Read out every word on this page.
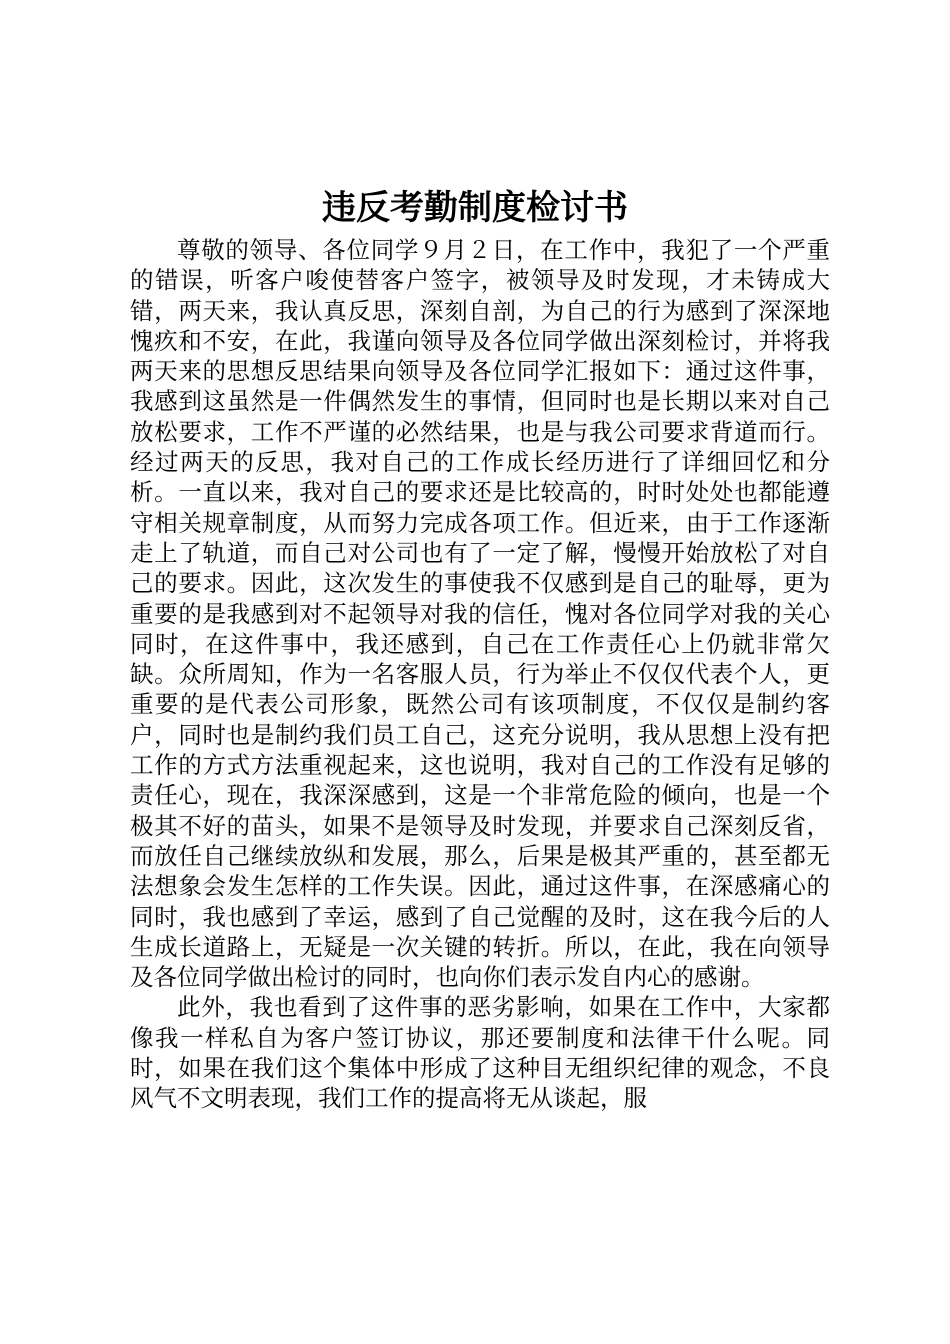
违反考勤制度检讨书

尊敬的领导、各位同学９月２日，在工作中，我犯了一个严重的错误，听客户唆使替客户签字，被领导及时发现，才未铸成大错，两天来，我认真反思，深刻自剖，为自己的行为感到了深深地愧疚和不安，在此，我谨向领导及各位同学做出深刻检讨，并将我两天来的思想反思结果向领导及各位同学汇报如下：通过这件事，我感到这虽然是一件偶然发生的事情，但同时也是长期以来对自己放松要求，工作不严谨的必然结果，也是与我公司要求背道而行。经过两天的反思，我对自己的工作成长经历进行了详细回忆和分析。一直以来，我对自己的要求还是比较高的，时时处处也都能遵守相关规章制度，从而努力完成各项工作。但近来，由于工作逐渐走上了轨道，而自己对公司也有了一定了解，慢慢开始放松了对自己的要求。因此，这次发生的事使我不仅感到是自己的耻辱，更为重要的是我感到对不起领导对我的信任，愧对各位同学对我的关心同时，在这件事中，我还感到，自己在工作责任心上仍就非常欠缺。众所周知，作为一名客服人员，行为举止不仅仅代表个人，更重要的是代表公司形象，既然公司有该项制度，不仅仅是制约客户，同时也是制约我们员工自己，这充分说明，我从思想上没有把工作的方式方法重视起来，这也说明，我对自己的工作没有足够的责任心，现在，我深深感到，这是一个非常危险的倾向，也是一个极其不好的苗头，如果不是领导及时发现，并要求自己深刻反省，而放任自己继续放纵和发展，那么，后果是极其严重的，甚至都无法想象会发生怎样的工作失误。因此，通过这件事，在深感痛心的同时，我也感到了幸运，感到了自己觉醒的及时，这在我今后的人生成长道路上，无疑是一次关键的转折。所以，在此，我在向领导及各位同学做出检讨的同时，也向你们表示发自内心的感谢。

此外，我也看到了这件事的恶劣影响，如果在工作中，大家都像我一样私自为客户签订协议，那还要制度和法律干什么呢。同时，如果在我们这个集体中形成了这种目无组织纪律的观念，不良风气不文明表现，我们工作的提高将无从谈起，服
